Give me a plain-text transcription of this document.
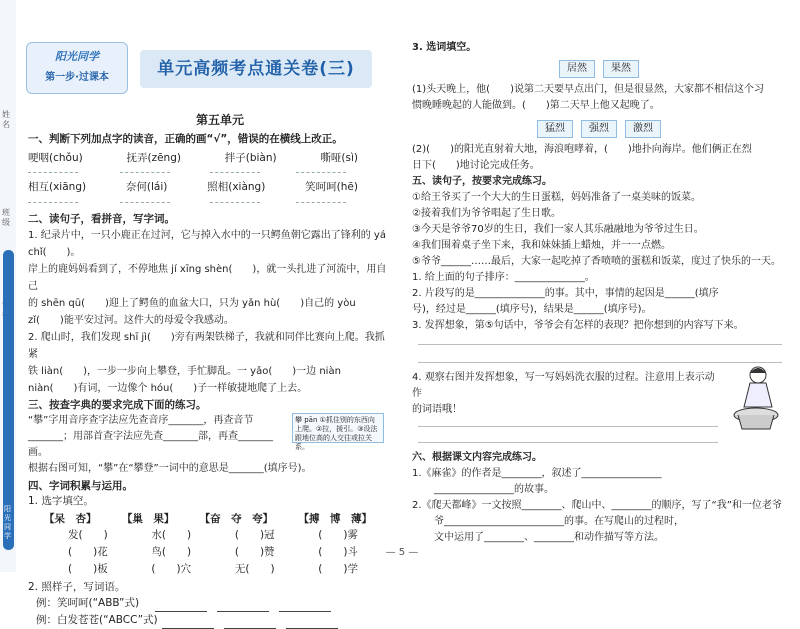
姓名
班级
阳光同学
阳光同学
第一步·过课本	单元高频考点通关卷(三)
第五单元
一、判断下列加点字的读音，正确的画“√”，错误的在横线上改正。
哽咽(chǒu)	抚弄(zēng)	拌子(biàn)	嘶哑(sì)
相互(xiāng)	奈何(lái)	照相(xiàng)	笑呵呵(hē)
二、读句子，看拼音，写字词。
1. 纪录片中，一只小鹿正在过河，它与掉入水中的一只鳄鱼朝它露出了锋利的 yá chǐ(　　)。
岸上的鹿妈妈看到了，不停地焦 jí xīng shèn(　　)，就一头扎进了河流中，用自己
的 shēn qū(　　)迎上了鳄鱼的血盆大口，只为 yǎn hù(　　)自己的 yòu
zǐ(　　)能平安过河。这件大的母爱令我感动。
2. 爬山时，我们发现 shī jì(　　)旁有两架铁梯子，我就和同伴比赛向上爬。我抓紧
铁 liàn(　　)，一步一步向上攀登，手忙脚乱。一 yǎo(　　)一边 niàn
niàn(　　)有词，一边像个 hóu(　　)子一样敏捷地爬了上去。
三、按查字典的要求完成下面的练习。
“攀”字用音序查字法应先查音序_______，再查音节
_______；用部首查字法应先查_______部，再查_______画。
根据右图可知，“攀”在“攀登”一词中的意思是_______(填序号)。
攀 pān ①抓住别的东西向上爬。②拉，援引。③设法跟地位高的人交往或拉关系。
四、字词积累与运用。
1. 选字填空。
【呆　杏】 【巢　果】 【奋　夺　夸】 【搏　博　薄】
发(　　)	水(　　)	(　　)冠	(　　)雾
(　　)花	鸟(　　)	(　　)赞	(　　)斗
(　　)板	(　　)穴	无(　　)	(　　)学
2. 照样子，写词语。
例：笑呵呵(“ABB”式)
例：白发苍苍(“ABCC”式)
3. 选词填空。
居然 果然
(1)头天晚上，他(　　)说第二天要早点出门，但是很显然，大家都不相信这个习
惯晚睡晚起的人能做到。(　　)第二天早上他又起晚了。
猛烈 强烈 激烈
(2)(　　)的阳光直射着大地，海浪咆哮着，(　　)地扑向海岸。他们俩正在烈
日下(　　)地讨论完成任务。
五、读句子，按要求完成练习。
①给王爷买了一个大大的生日蛋糕，妈妈准备了一桌美味的饭菜。
②接着我们为爷爷唱起了生日歌。
③今天是爷爷70岁的生日，我们一家人其乐融融地为爷爷过生日。
④我们围着桌子坐下来，我和妹妹插上蜡烛，并一一点燃。
⑤爷爷______……最后，大家一起吃掉了香喷喷的蛋糕和饭菜，度过了快乐的一天。
1. 给上面的句子排序：______________。
2. 片段写的是______________的事。其中，事情的起因是______(填序
号)，经过是______(填序号)，结果是______(填序号)。
3. 发挥想象，第⑤句话中，爷爷会有怎样的表现？把你想到的内容写下来。
4. 观察右图并发挥想象，写一写妈妈洗衣服的过程。注意用上表示动作
的词语哦！
六、根据课文内容完成练习。
1.《麻雀》的作者是________，叙述了________________
________________的故事。
2.《爬天都峰》一文按照________、爬山中、________的顺序，写了“我”和一位老爷
爷________________________的事。在写爬山的过程时，
文中运用了________、________和动作描写等方法。
— 5 —
